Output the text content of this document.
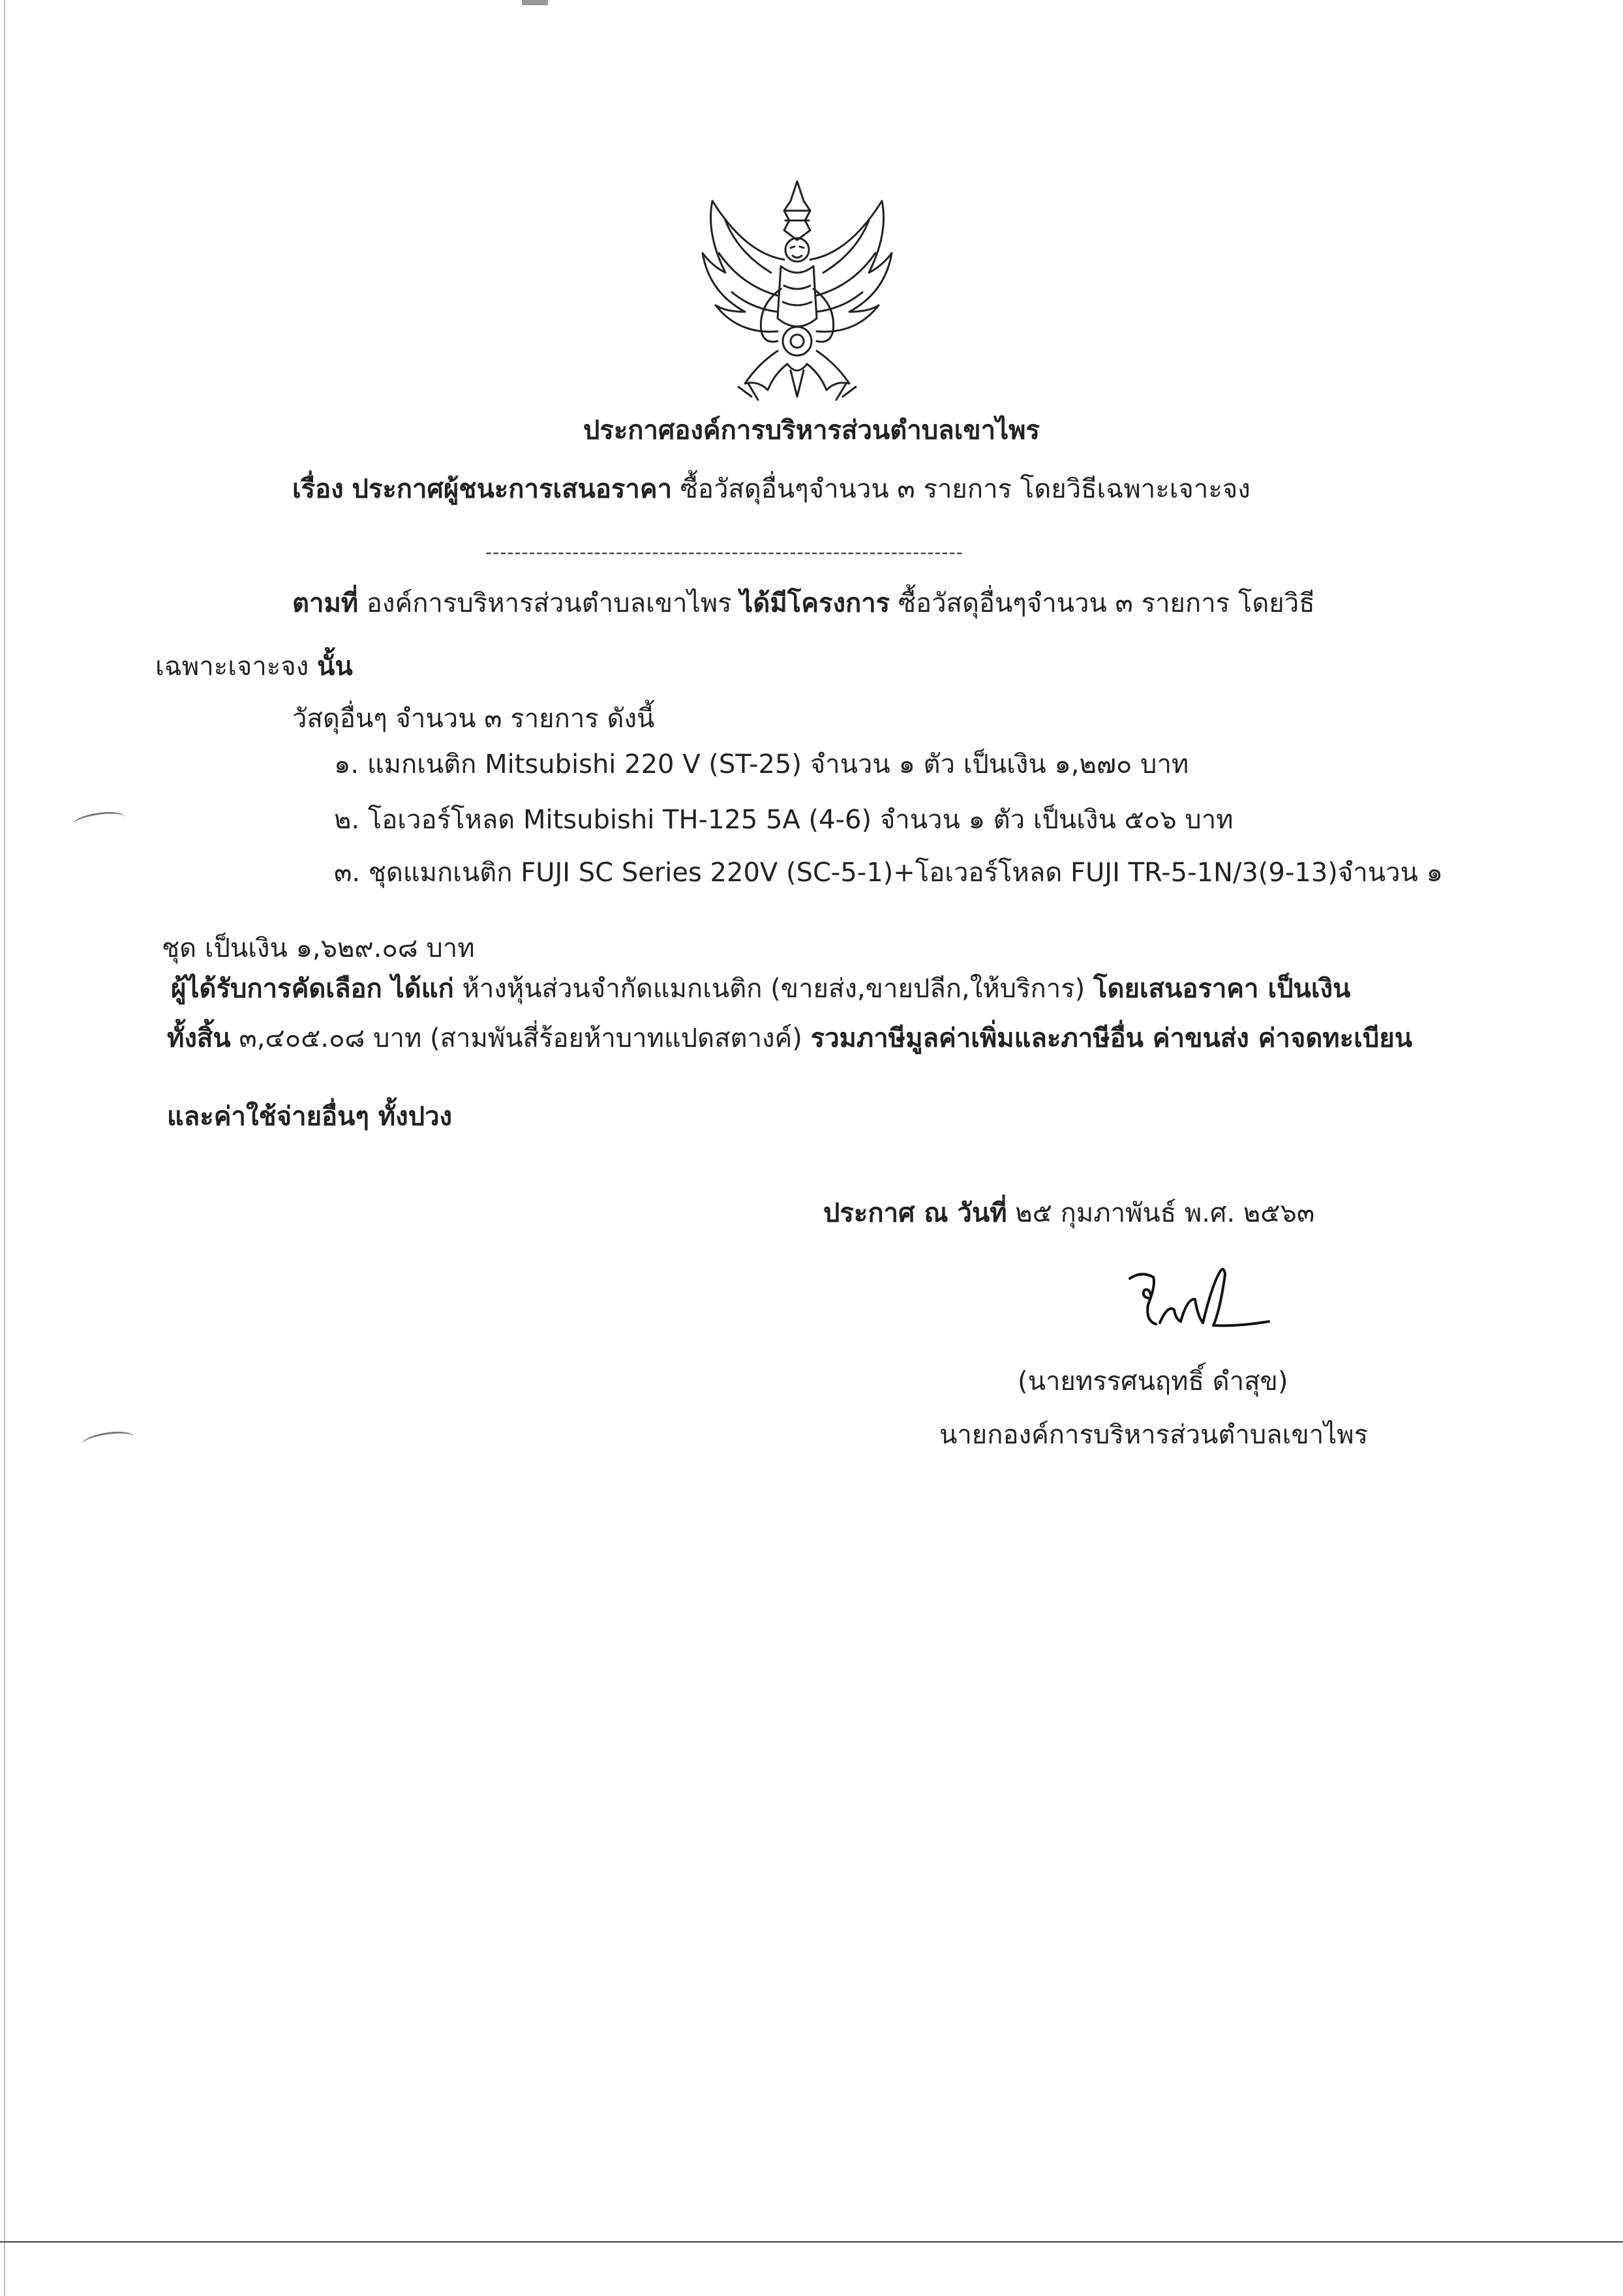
ประกาศองค์การบริหารส่วนตำบลเขาไพร
เรื่อง ประกาศผู้ชนะการเสนอราคา ซื้อวัสดุอื่นๆจำนวน ๓ รายการ โดยวิธีเฉพาะเจาะจง
------------------------------------------------------------------
ตามที่ องค์การบริหารส่วนตำบลเขาไพร ได้มีโครงการ ซื้อวัสดุอื่นๆจำนวน ๓ รายการ โดยวิธี
เฉพาะเจาะจง นั้น
วัสดุอื่นๆ จำนวน ๓ รายการ ดังนี้
๑. แมกเนติก Mitsubishi 220 V (ST-25) จำนวน ๑ ตัว เป็นเงิน ๑,๒๗๐ บาท
๒. โอเวอร์โหลด Mitsubishi TH-125 5A (4-6) จำนวน ๑ ตัว เป็นเงิน ๕๐๖ บาท
๓. ชุดแมกเนติก FUJI SC Series 220V (SC-5-1)+โอเวอร์โหลด FUJI TR-5-1N/3(9-13)จำนวน ๑
ชุด เป็นเงิน ๑,๖๒๙.๐๘ บาท
ผู้ได้รับการคัดเลือก ได้แก่ ห้างหุ้นส่วนจำกัดแมกเนติก (ขายส่ง,ขายปลีก,ให้บริการ) โดยเสนอราคา เป็นเงิน
ทั้งสิ้น ๓,๔๐๕.๐๘ บาท (สามพันสี่ร้อยห้าบาทแปดสตางค์) รวมภาษีมูลค่าเพิ่มและภาษีอื่น ค่าขนส่ง ค่าจดทะเบียน
และค่าใช้จ่ายอื่นๆ ทั้งปวง
ประกาศ ณ วันที่ ๒๕ กุมภาพันธ์ พ.ศ. ๒๕๖๓
(นายทรรศนฤทธิ์ ดำสุข)
นายกองค์การบริหารส่วนตำบลเขาไพร
